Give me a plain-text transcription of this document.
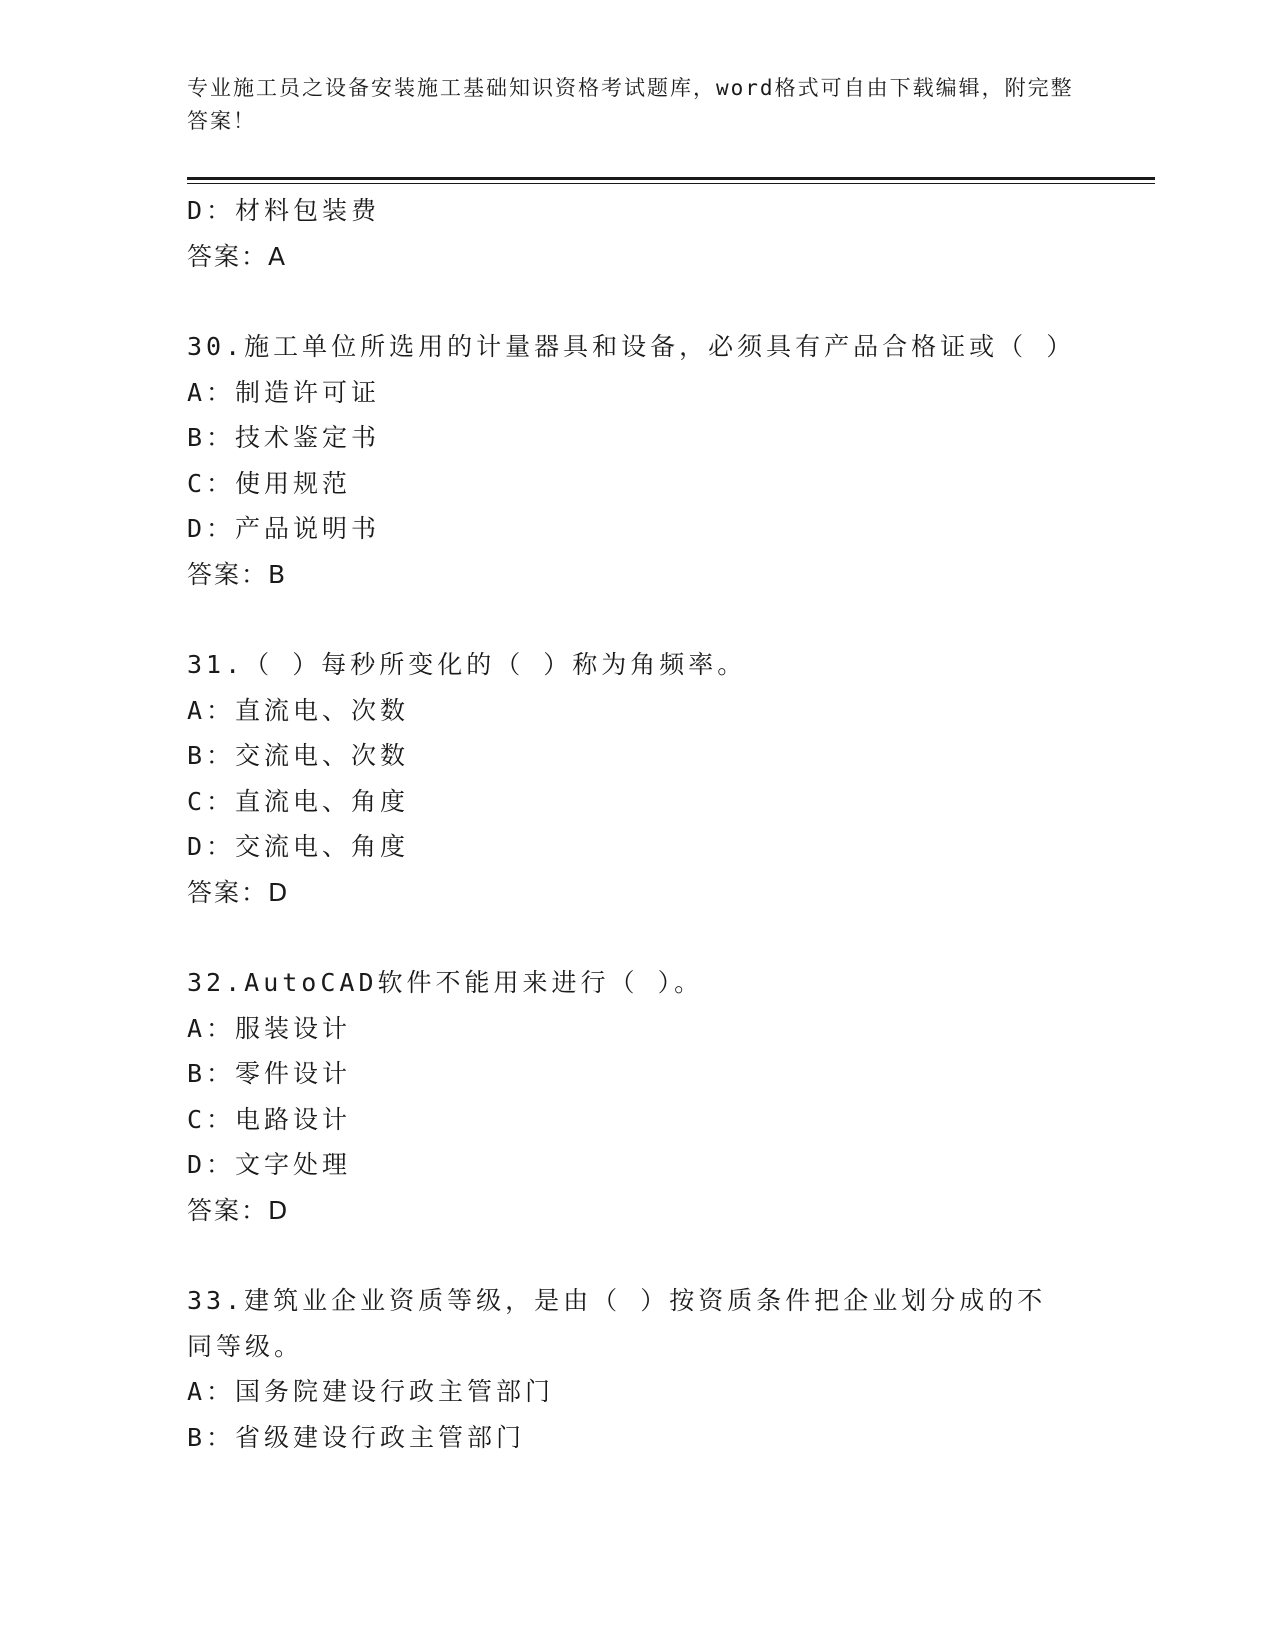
专业施工员之设备安装施工基础知识资格考试题库，word格式可自由下载编辑，附完整答案！
D：材料包装费
答案：A
30.施工单位所选用的计量器具和设备，必须具有产品合格证或（ ）
A：制造许可证
B：技术鉴定书
C：使用规范
D：产品说明书
答案：B
31.（ ）每秒所变化的（ ）称为角频率。
A：直流电、次数
B：交流电、次数
C：直流电、角度
D：交流电、角度
答案：D
32.AutoCAD软件不能用来进行（ ）。
A：服装设计
B：零件设计
C：电路设计
D：文字处理
答案：D
33.建筑业企业资质等级，是由（ ）按资质条件把企业划分成的不同等级。
A：国务院建设行政主管部门
B：省级建设行政主管部门
